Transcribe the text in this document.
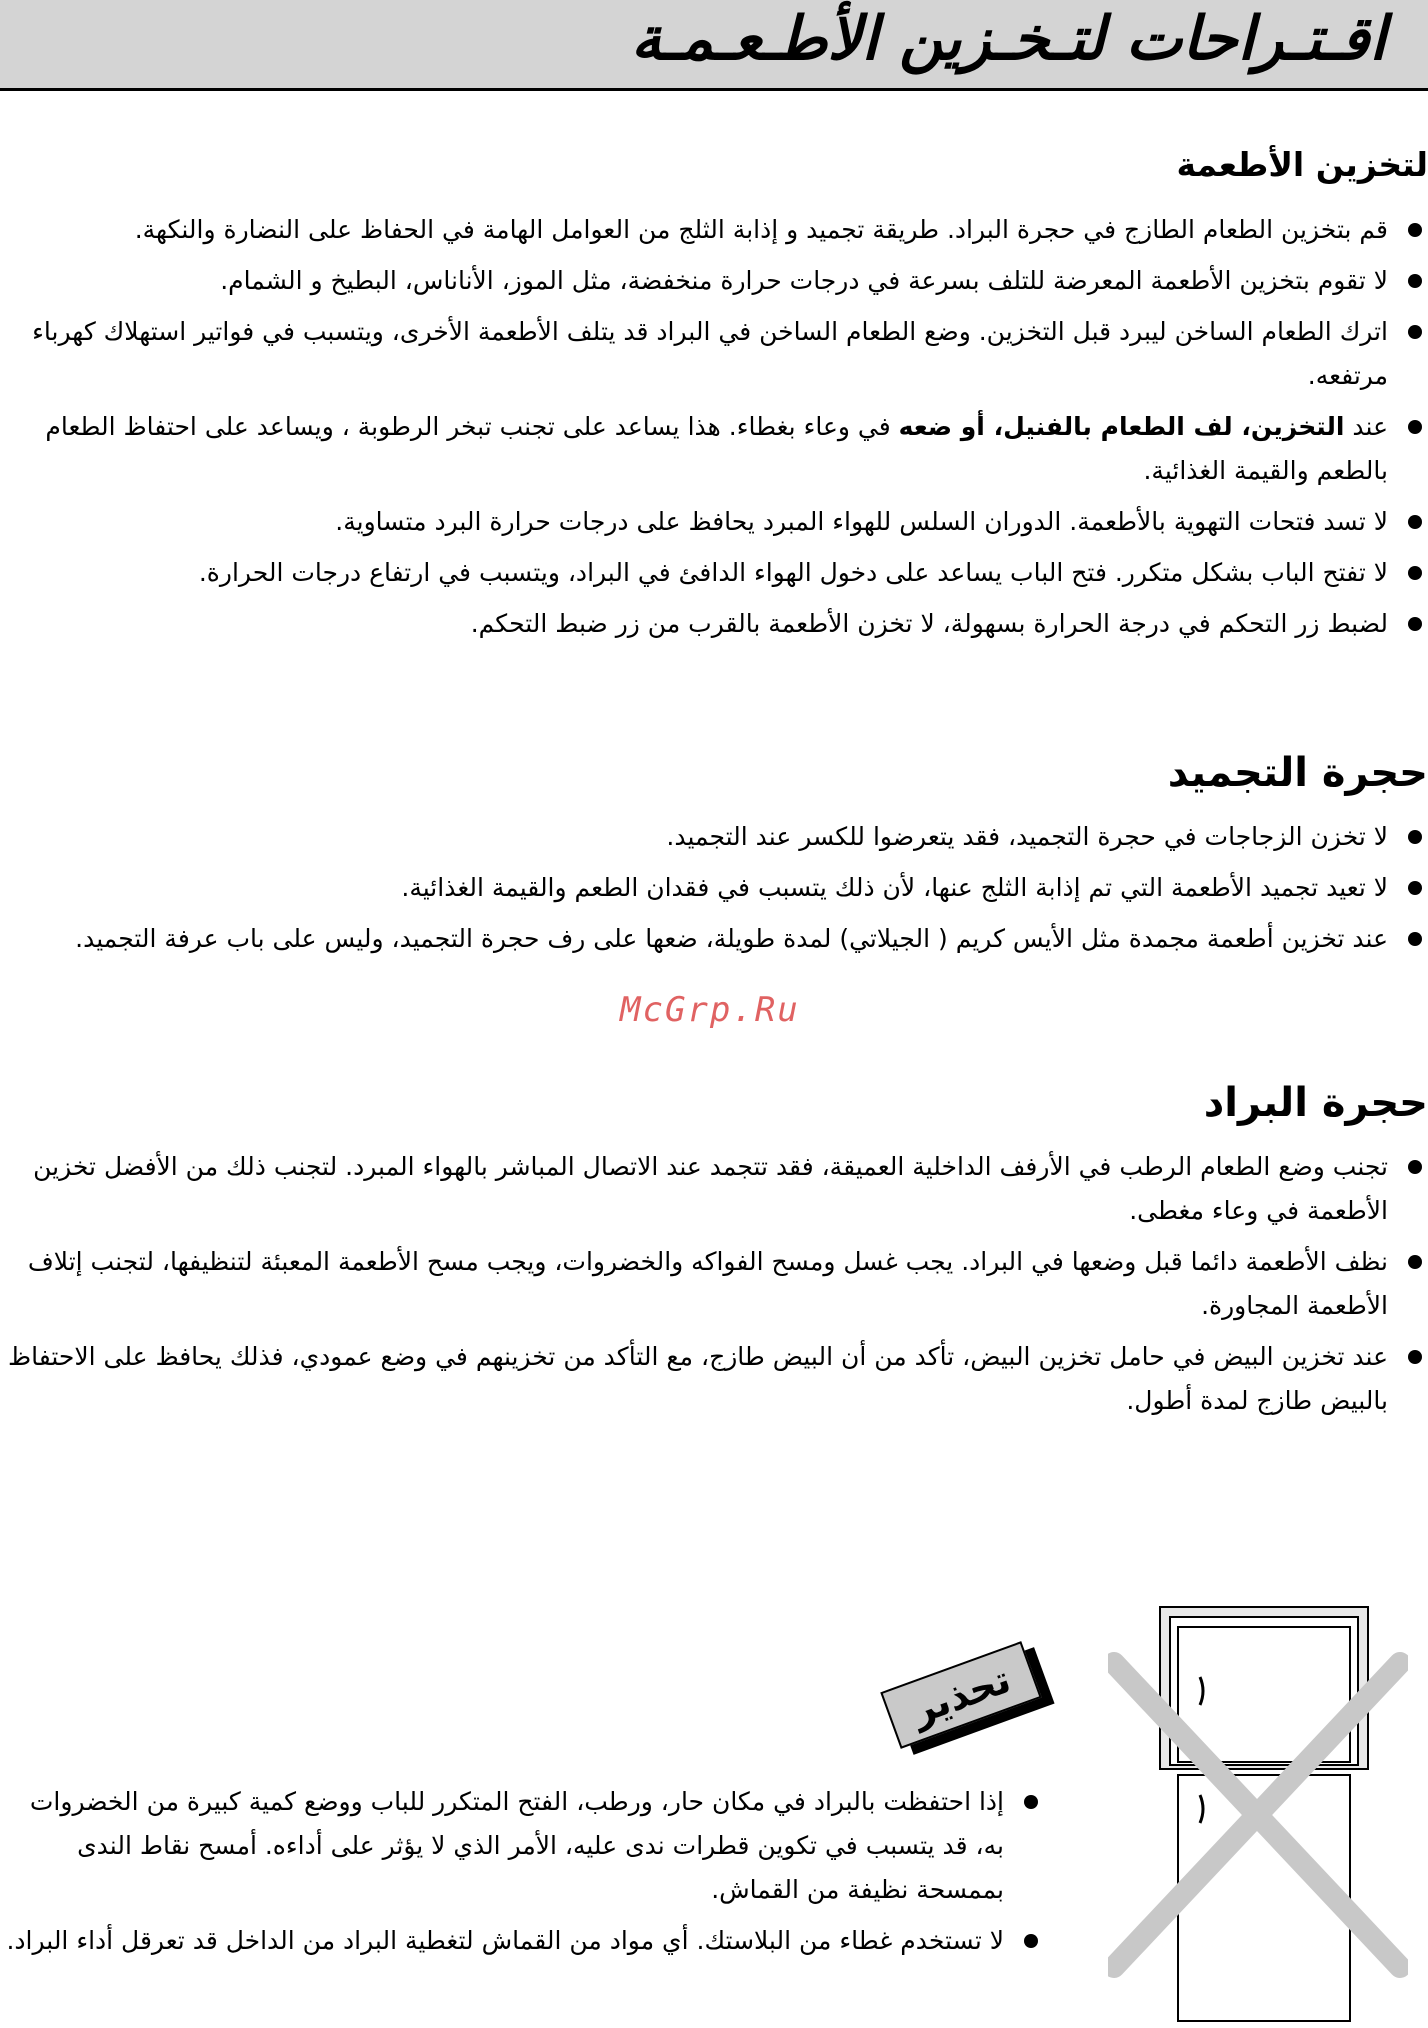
اقـتـراحات لتـخـزين الأطـعـمـة
لتخزين الأطعمة
قم بتخزين الطعام الطازج في حجرة البراد. طريقة تجميد و إذابة الثلج من العوامل الهامة في الحفاظ على النضارة والنكهة.
لا تقوم بتخزين الأطعمة المعرضة للتلف بسرعة في درجات حرارة منخفضة، مثل الموز، الأناناس، البطيخ و الشمام.
اترك الطعام الساخن ليبرد قبل التخزين. وضع الطعام الساخن في البراد قد يتلف الأطعمة الأخرى، ويتسبب في فواتير استهلاك كهرباء مرتفعه.
عند التخزين، لف الطعام بالفنيل، أو ضعه في وعاء بغطاء. هذا يساعد على تجنب تبخر الرطوبة ، ويساعد على احتفاظ الطعام بالطعم والقيمة الغذائية.
لا تسد فتحات التهوية بالأطعمة. الدوران السلس للهواء المبرد يحافظ على درجات حرارة البرد متساوية.
لا تفتح الباب بشكل متكرر. فتح الباب يساعد على دخول الهواء الدافئ في البراد، ويتسبب في ارتفاع درجات الحرارة.
لضبط زر التحكم في درجة الحرارة بسهولة، لا تخزن الأطعمة بالقرب من زر ضبط التحكم.
حجرة التجميد
لا تخزن الزجاجات في حجرة التجميد، فقد يتعرضوا للكسر عند التجميد.
لا تعيد تجميد الأطعمة التي تم إذابة الثلج عنها، لأن ذلك يتسبب في فقدان الطعم والقيمة الغذائية.
عند تخزين أطعمة مجمدة مثل الأيس كريم ( الجيلاتي) لمدة طويلة، ضعها على رف حجرة التجميد، وليس على باب عرفة التجميد.
McGrp.Ru
حجرة البراد
تجنب وضع الطعام الرطب في الأرفف الداخلية العميقة، فقد تتجمد عند الاتصال المباشر بالهواء المبرد. لتجنب ذلك من الأفضل تخزين الأطعمة في وعاء مغطى.
نظف الأطعمة دائما قبل وضعها في البراد. يجب غسل ومسح الفواكه والخضروات، ويجب مسح الأطعمة المعبئة لتنظيفها، لتجنب إتلاف الأطعمة المجاورة.
عند تخزين البيض في حامل تخزين البيض، تأكد من أن البيض طازج، مع التأكد من تخزينهم في وضع عمودي، فذلك يحافظ على الاحتفاظ بالبيض طازج لمدة أطول.
تحذير
إذا احتفظت بالبراد في مكان حار، ورطب، الفتح المتكرر للباب ووضع كمية كبيرة من الخضروات به، قد يتسبب في تكوين قطرات ندى عليه، الأمر الذي لا يؤثر على أداءه. أمسح نقاط الندى بممسحة نظيفة من القماش.
لا تستخدم غطاء من البلاستك. أي مواد من القماش لتغطية البراد من الداخل قد تعرقل أداء البراد.
